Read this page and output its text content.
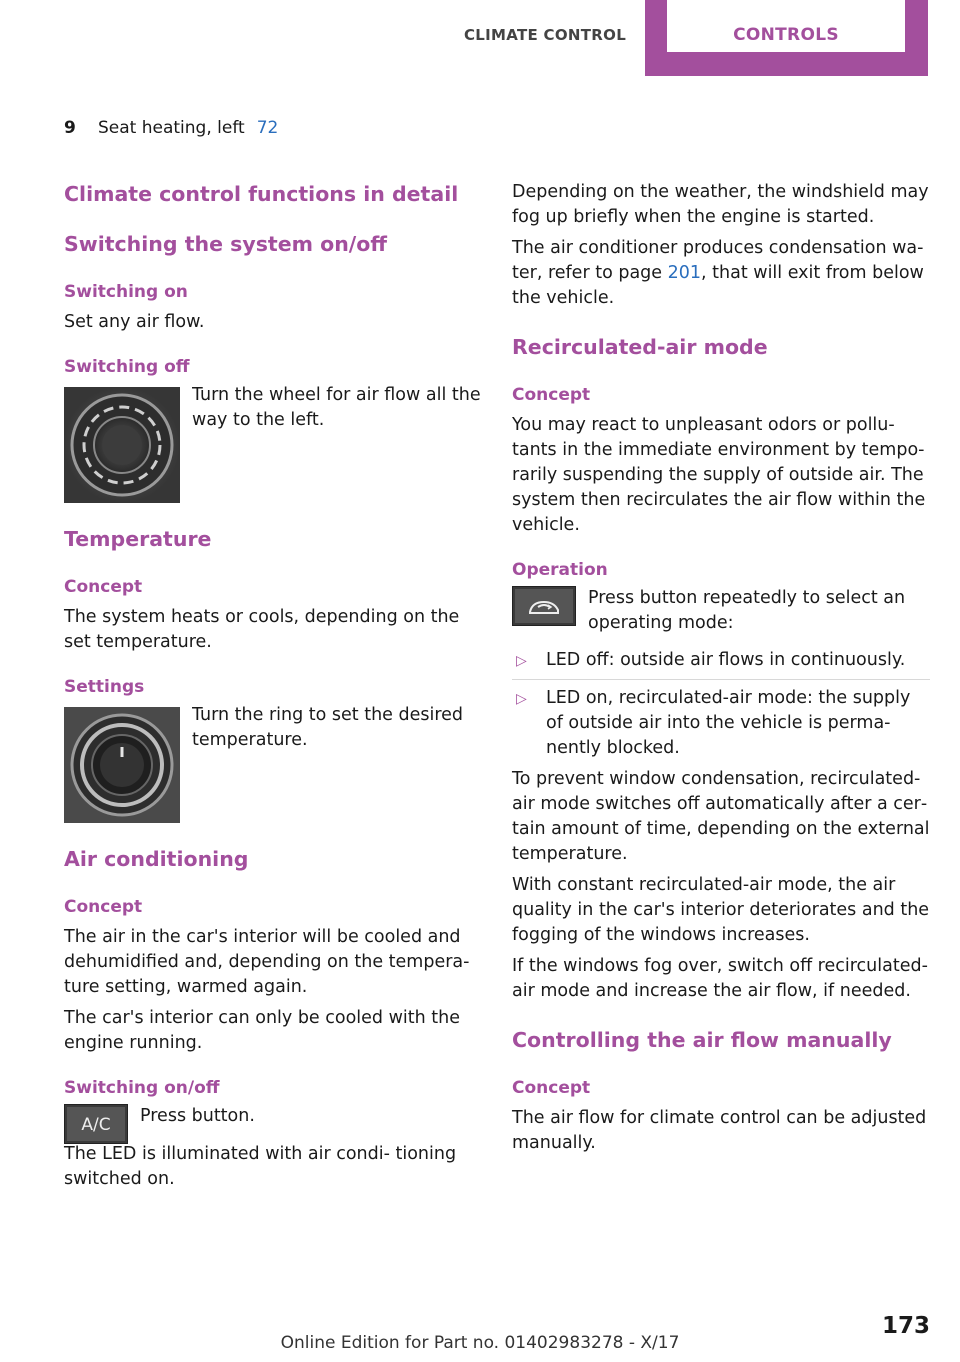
CLIMATE CONTROL	CONTROLS
9 Seat heating, left 72
Climate control functions in detail
Switching the system on/off
Switching on

Set any air flow.

Switching off
Turn the wheel for air flow all the way to the left.
Temperature
Concept

The system heats or cools, depending on the set temperature.

Settings
Turn the ring to set the desired temperature.
Air conditioning
Concept

The air in the car's interior will be cooled and dehumidified and, depending on the tempera‐ ture setting, warmed again.

The car's interior can only be cooled with the engine running.

Switching on/off
A/C Press button.

The LED is illuminated with air condi‐ tioning switched on.

Depending on the weather, the windshield may fog up briefly when the engine is started.

The air conditioner produces condensation wa‐ ter, refer to page 201, that will exit from below the vehicle.

Recirculated-air mode
Concept

You may react to unpleasant odors or pollu‐ tants in the immediate environment by tempo‐ rarily suspending the supply of outside air. The system then recirculates the air flow within the vehicle.

Operation
Press button repeatedly to select an operating mode:
▷ LED off: outside air flows in continuously.
▷ LED on, recirculated-air mode: the supply of outside air into the vehicle is perma‐ nently blocked.

To prevent window condensation, recirculated- air mode switches off automatically after a cer‐ tain amount of time, depending on the external temperature.

With constant recirculated-air mode, the air quality in the car's interior deteriorates and the fogging of the windows increases.

If the windows fog over, switch off recirculated- air mode and increase the air flow, if needed.

Controlling the air flow manually
Concept

The air flow for climate control can be adjusted manually.

173
Online Edition for Part no. 01402983278 - X/17
